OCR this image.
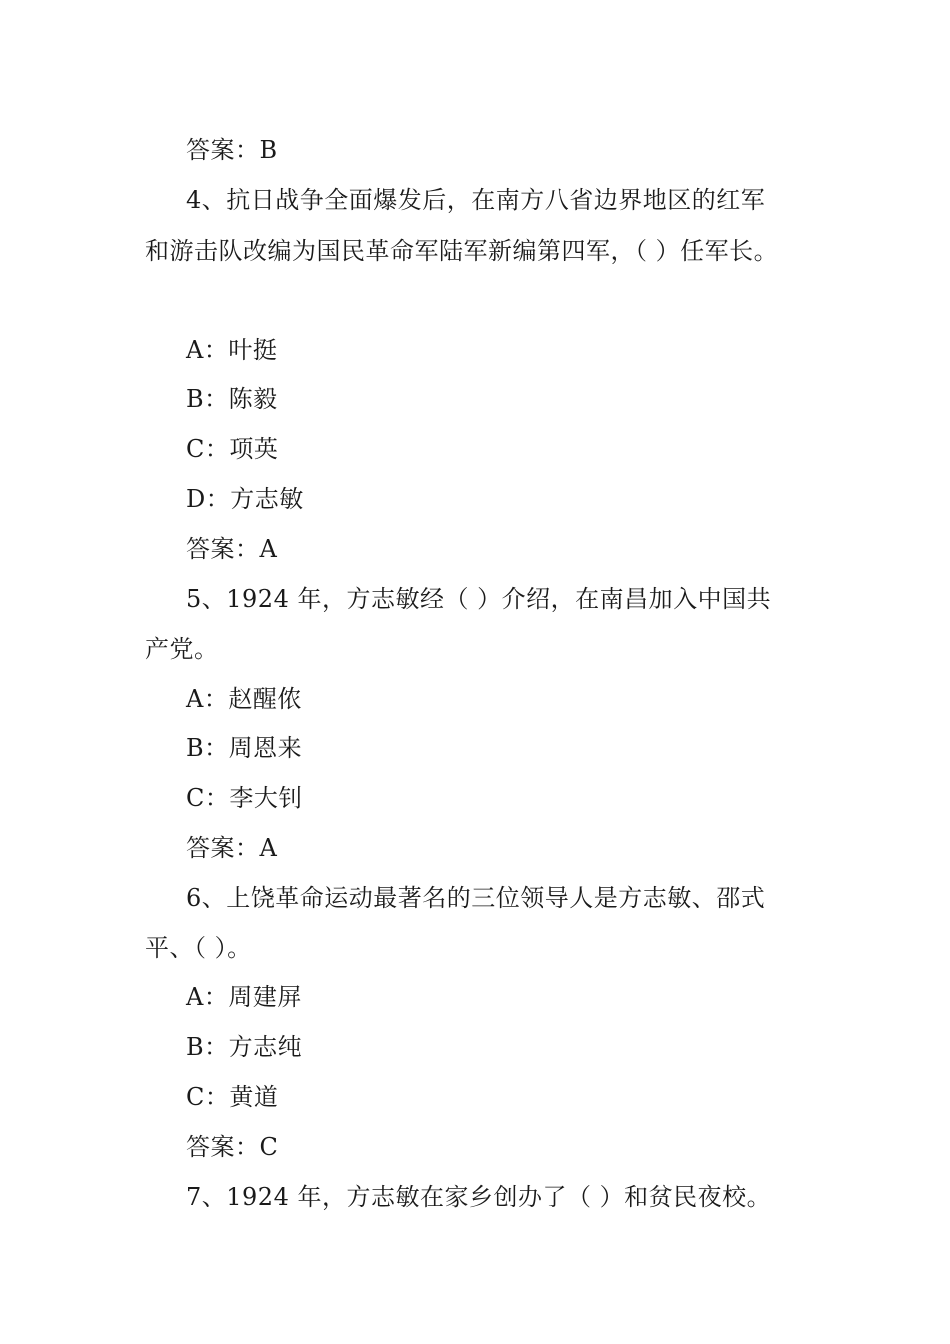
答案：B
4、抗日战争全面爆发后，在南方八省边界地区的红军
和游击队改编为国民革命军陆军新编第四军，（ ）任军长。
A：叶挺
B：陈毅
C：项英
D：方志敏
答案：A
5、1924 年，方志敏经（ ）介绍，在南昌加入中国共
产党。
A：赵醒侬
B：周恩来
C：李大钊
答案：A
6、上饶革命运动最著名的三位领导人是方志敏、邵式
平、（ ）。
A：周建屏
B：方志纯
C：黄道
答案：C
7、1924 年，方志敏在家乡创办了（ ）和贫民夜校。
